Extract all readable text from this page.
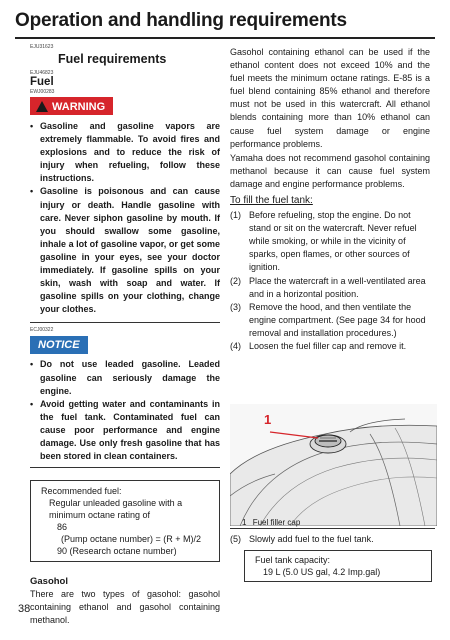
Operation and handling requirements
EJU31623
Fuel requirements
EJU46823
Fuel
EWJ00283
WARNING
• Gasoline and gasoline vapors are extremely flammable. To avoid fires and explosions and to reduce the risk of injury when refueling, follow these instructions.
• Gasoline is poisonous and can cause injury or death. Handle gasoline with care. Never siphon gasoline by mouth. If you should swallow some gasoline, inhale a lot of gasoline vapor, or get some gasoline in your eyes, see your doctor immediately. If gasoline spills on your skin, wash with soap and water. If gasoline spills on your clothing, change your clothes.
ECJ00322
NOTICE
• Do not use leaded gasoline. Leaded gasoline can seriously damage the engine.
• Avoid getting water and contaminants in the fuel tank. Contaminated fuel can cause poor performance and engine damage. Use only fresh gasoline that has been stored in clean containers.
Recommended fuel:
Regular unleaded gasoline with a
minimum octane rating of
86
(Pump octane number) = (R + M)/2
90 (Research octane number)
Gasohol

There are two types of gasohol: gasohol containing ethanol and gasohol containing methanol.

Gasohol containing ethanol can be used if the ethanol content does not exceed 10% and the fuel meets the minimum octane ratings. E-85 is a fuel blend containing 85% ethanol and therefore must not be used in this watercraft. All ethanol blends containing more than 10% ethanol can cause fuel system damage or engine performance problems.

Yamaha does not recommend gasohol containing methanol because it can cause fuel system damage and engine performance problems.

To fill the fuel tank:
(1) Before refueling, stop the engine. Do not stand or sit on the watercraft. Never refuel while smoking, or while in the vicinity of sparks, open flames, or other sources of ignition.
(2) Place the watercraft in a well-ventilated area and in a horizontal position.
(3) Remove the hood, and then ventilate the engine compartment. (See page 34 for hood removal and installation procedures.)
(4) Loosen the fuel filler cap and remove it.
1
1 Fuel filler cap
(5) Slowly add fuel to the fuel tank.
Fuel tank capacity:
19 L (5.0 US gal, 4.2 Imp.gal)
38
